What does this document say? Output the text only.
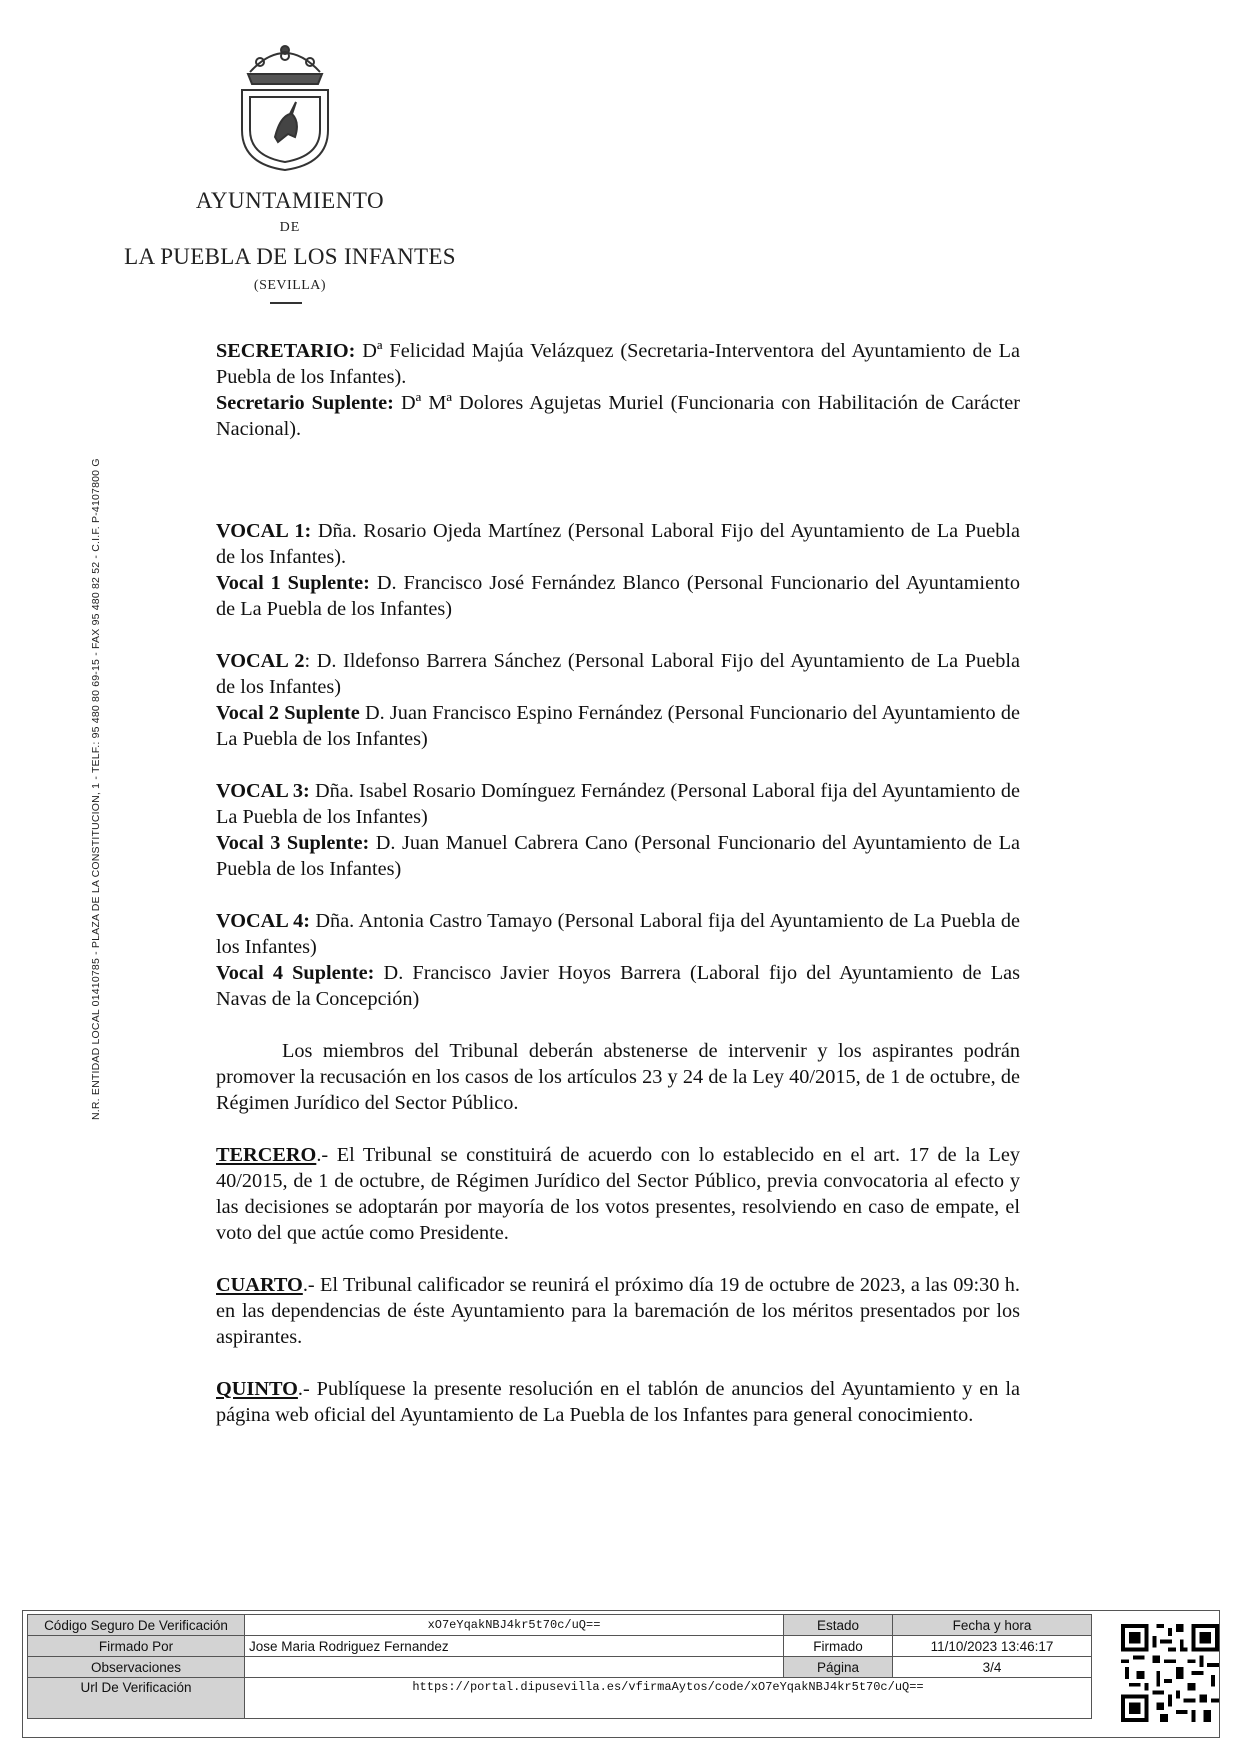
AYUNTAMIENTO
DE
LA PUEBLA DE LOS INFANTES
(SEVILLA)
N.R. ENTIDAD LOCAL 01410785 - PLAZA DE LA CONSTITUCION, 1 - TELF.: 95 480 80 69-15 - FAX 95 480 82 52 - C.I.F. P-4107800 G

SECRETARIO: Dª Felicidad Majúa Velázquez (Secretaria-Interventora del Ayuntamiento de La Puebla de los Infantes).

Secretario Suplente: Dª Mª Dolores Agujetas Muriel (Funcionaria con Habilitación de Carácter Nacional).

VOCAL 1: Dña. Rosario Ojeda Martínez (Personal Laboral Fijo del Ayuntamiento de La Puebla de los Infantes).

Vocal 1 Suplente: D. Francisco José Fernández Blanco (Personal Funcionario del Ayuntamiento de La Puebla de los Infantes)

VOCAL 2: D. Ildefonso Barrera Sánchez (Personal Laboral Fijo del Ayuntamiento de La Puebla de los Infantes)

Vocal 2 Suplente D. Juan Francisco Espino Fernández (Personal Funcionario del Ayuntamiento de La Puebla de los Infantes)

VOCAL 3: Dña. Isabel Rosario Domínguez Fernández (Personal Laboral fija del Ayuntamiento de La Puebla de los Infantes)

Vocal 3 Suplente: D. Juan Manuel Cabrera Cano (Personal Funcionario del Ayuntamiento de La Puebla de los Infantes)

VOCAL 4: Dña. Antonia Castro Tamayo (Personal Laboral fija del Ayuntamiento de La Puebla de los Infantes)

Vocal 4 Suplente: D. Francisco Javier Hoyos Barrera (Laboral fijo del Ayuntamiento de Las Navas de la Concepción)

Los miembros del Tribunal deberán abstenerse de intervenir y los aspirantes podrán promover la recusación en los casos de los artículos 23 y 24 de la Ley 40/2015, de 1 de octubre, de Régimen Jurídico del Sector Público.

TERCERO.- El Tribunal se constituirá de acuerdo con lo establecido en el art. 17 de la Ley 40/2015, de 1 de octubre, de Régimen Jurídico del Sector Público, previa convocatoria al efecto y las decisiones se adoptarán por mayoría de los votos presentes, resolviendo en caso de empate, el voto del que actúe como Presidente.

CUARTO.- El Tribunal calificador se reunirá el próximo día 19 de octubre de 2023, a las 09:30 h. en las dependencias de éste Ayuntamiento para la baremación de los méritos presentados por los aspirantes.

QUINTO.- Publíquese la presente resolución en el tablón de anuncios del Ayuntamiento y en la página web oficial del Ayuntamiento de La Puebla de los Infantes para general conocimiento.

Código Seguro De Verificación	xO7eYqakNBJ4kr5t70c/uQ==	Estado	Fecha y hora
Firmado Por	Jose Maria Rodriguez Fernandez	Firmado	11/10/2023 13:46:17
Observaciones		Página	3/4
Url De Verificación	https://portal.dipusevilla.es/vfirmaAytos/code/xO7eYqakNBJ4kr5t70c/uQ==		
